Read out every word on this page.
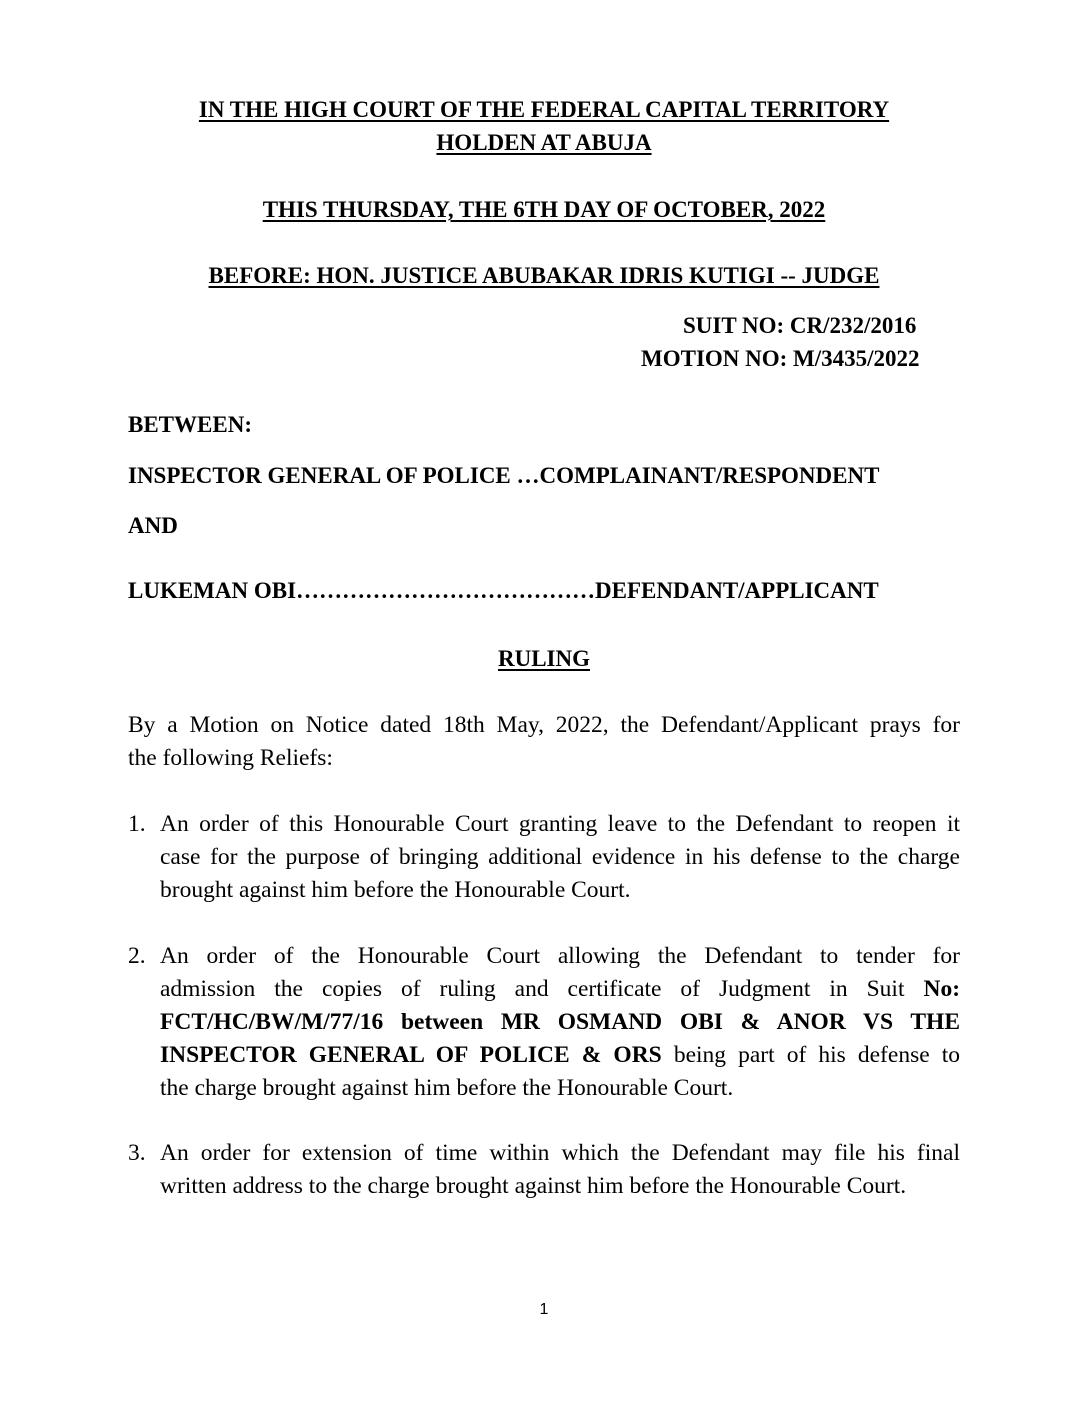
IN THE HIGH COURT OF THE FEDERAL CAPITAL TERRITORY
HOLDEN AT ABUJA
THIS THURSDAY, THE 6TH DAY OF OCTOBER, 2022
BEFORE: HON. JUSTICE ABUBAKAR IDRIS KUTIGI -- JUDGE
SUIT NO: CR/232/2016
MOTION NO: M/3435/2022
BETWEEN:
INSPECTOR GENERAL OF POLICE …COMPLAINANT/RESPONDENT
AND
LUKEMAN OBI…………………………………DEFENDANT/APPLICANT
RULING
By a Motion on Notice dated 18th May, 2022, the Defendant/Applicant prays for
the following Reliefs:
1. An order of this Honourable Court granting leave to the Defendant to reopen it
case for the purpose of bringing additional evidence in his defense to the charge
brought against him before the Honourable Court.
2. An order of the Honourable Court allowing the Defendant to tender for
admission the copies of ruling and certificate of Judgment in Suit No:
FCT/HC/BW/M/77/16 between MR OSMAND OBI & ANOR VS THE
INSPECTOR GENERAL OF POLICE & ORS being part of his defense to
the charge brought against him before the Honourable Court.
3. An order for extension of time within which the Defendant may file his final
written address to the charge brought against him before the Honourable Court.
1
